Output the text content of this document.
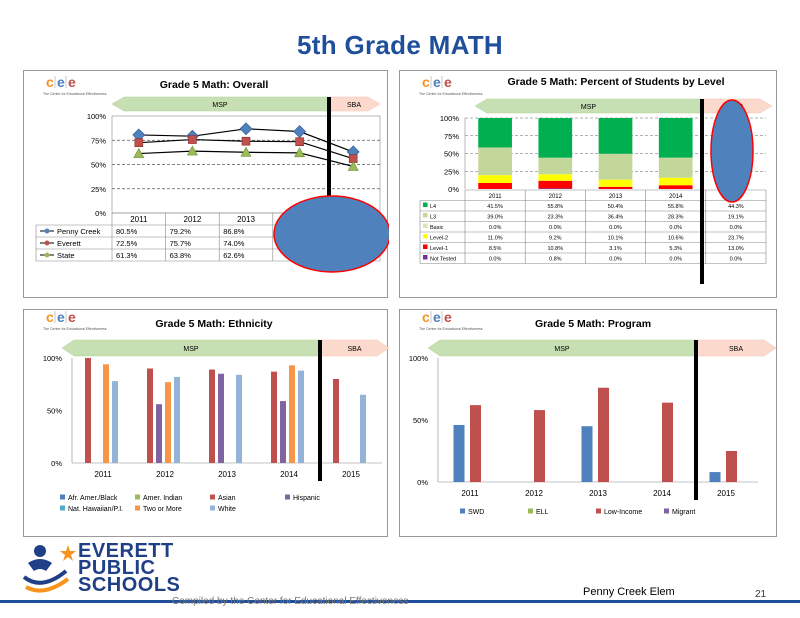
5th Grade MATH
c e e
The Center for Educational Effectiveness
Grade 5 Math: Overall
MSP	SBA
0%
25%
50%
75%
100%
2011	2012	2013
Penny Creek 80.5%	79.2%	86.8%
Everett	72.5%	75.7%	74.0%
State	61.3%	63.8%	62.6%
c e e
The Center for Educational Effectiveness
Grade 5 Math: Percent of Students by Level
MSP
0%
25%
50%
75%
100%
2011	2012	2013	2014
L4	41.5%	55.8%	50.4%	55.8%	44.3%
L3	39.0%	23.3%	36.4%	28.3%	19.1%
Basic	0.0%	0.0%	0.0%	0.0%	0.0%
Level-2	11.0%	9.2%	10.1%	10.6%	23.7%
Level-1	8.5%	10.8%	3.1%	5.3%	13.0%
Not Tested	0.0%	0.8%	0.0%	0.0%	0.0%
c e e
The Center for Educational Effectiveness	Grade 5 Math: Ethnicity
MSP	SBA
0%
50%
100%
2011	2012	2013	2014	2015
Afr. Amer./Black	Amer. Indian	Asian	Hispanic
Nat. Hawaiian/P.I.	Two or More	White
c e e
The Center for Educational Effectiveness	Grade 5 Math: Program
MSP	SBA
0%
50%
100%
2011	2012	2013	2014	2015
SWD	ELL	Low-Income	Migrant
EVERETT
PUBLIC
SCHOOLS
Compiled by the Center for Educational Effectiveness
Penny Creek Elem	21
